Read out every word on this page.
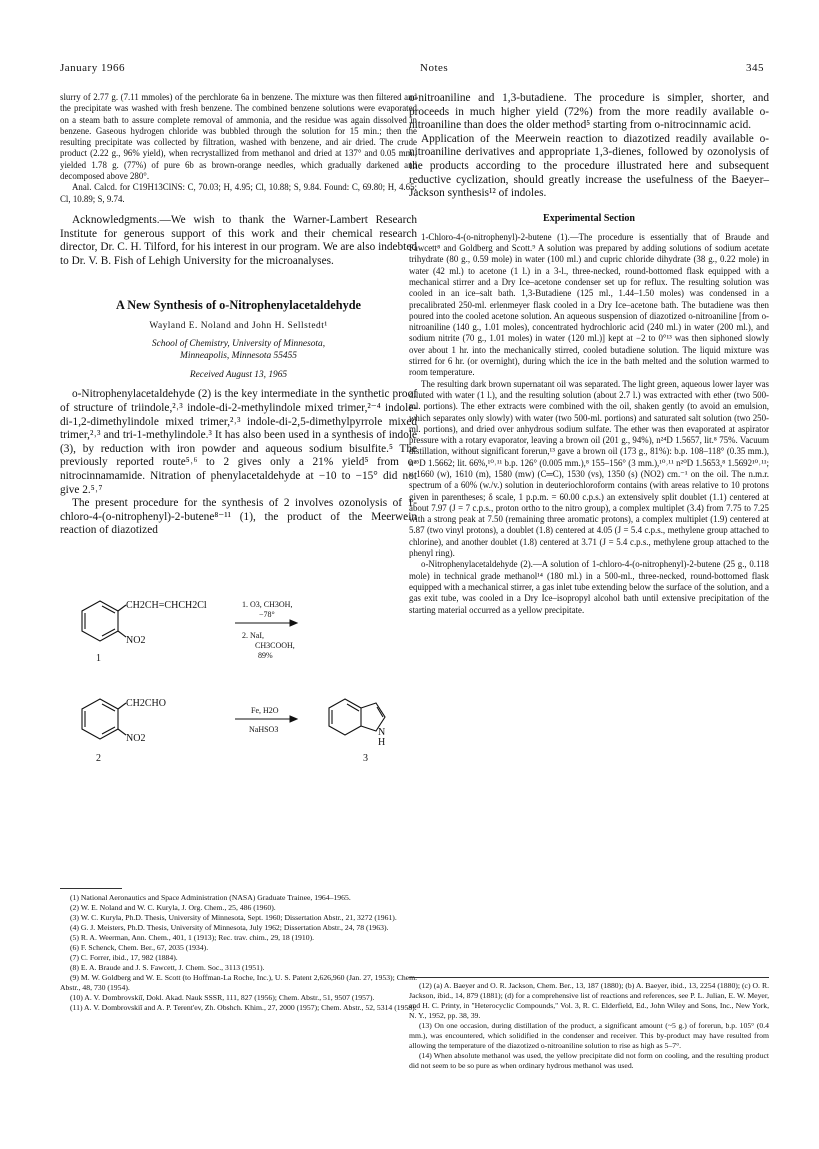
January 1966	Notes	345

slurry of 2.77 g. (7.11 mmoles) of the perchlorate 6a in benzene. The mixture was then filtered and the precipitate was washed with fresh benzene. The combined benzene solutions were evaporated on a steam bath to assure complete removal of ammonia, and the residue was again dissolved in benzene. Gaseous hydrogen chloride was bubbled through the solution for 15 min.; then the resulting precipitate was collected by filtration, washed with benzene, and air dried. The crude product (2.22 g., 96% yield), when recrystallized from methanol and dried at 137° and 0.05 mm., yielded 1.78 g. (77%) of pure 6b as brown-orange needles, which gradually darkened and decomposed above 280°.

Anal. Calcd. for C19H13ClNS: C, 70.03; H, 4.95; Cl, 10.88; S, 9.84. Found: C, 69.80; H, 4.65; Cl, 10.89; S, 9.74.

Acknowledgments.—We wish to thank the Warner-Lambert Research Institute for generous support of this work and their chemical research director, Dr. C. H. Tilford, for his interest in our program. We are also indebted to Dr. V. B. Fish of Lehigh University for the microanalyses.

A New Synthesis of o-Nitrophenylacetaldehyde
Wayland E. Noland and John H. Sellstedt¹
School of Chemistry, University of Minnesota,
Minneapolis, Minnesota 55455
Received August 13, 1965

o-Nitrophenylacetaldehyde (2) is the key intermediate in the synthetic proof of structure of triindole,²˒³ indole-di-2-methylindole mixed trimer,²⁻⁴ indole-di-1,2-dimethylindole mixed trimer,²˒³ indole-di-2,5-dimethylpyrrole mixed trimer,²˒³ and tri-1-methylindole.³ It has also been used in a synthesis of indole (3), by reduction with iron powder and aqueous sodium bisulfite.⁵ The previously reported route⁵˒⁶ to 2 gives only a 21% yield⁵ from o-nitrocinnamamide. Nitration of phenylacetaldehyde at −10 to −15° did not give 2.⁵˒⁷

The present procedure for the synthesis of 2 involves ozonolysis of 1-chloro-4-(o-nitrophenyl)-2-butene⁸⁻¹¹ (1), the product of the Meerwein reaction of diazotized

CH2CH=CHCH2Cl
NO2
1
CH2CHO
NO2
2
N
H
3
1. O3, CH3OH,
−78°
2. NaI,
CH3COOH,
89%
Fe, H2O
NaHSO3

(1) National Aeronautics and Space Administration (NASA) Graduate Trainee, 1964–1965.

(2) W. E. Noland and W. C. Kuryla, J. Org. Chem., 25, 486 (1960).

(3) W. C. Kuryla, Ph.D. Thesis, University of Minnesota, Sept. 1960; Dissertation Abstr., 21, 3272 (1961).

(4) G. J. Meisters, Ph.D. Thesis, University of Minnesota, July 1962; Dissertation Abstr., 24, 78 (1963).

(5) R. A. Weerman, Ann. Chem., 401, 1 (1913); Rec. trav. chim., 29, 18 (1910).

(6) F. Schenck, Chem. Ber., 67, 2035 (1934).

(7) C. Forrer, ibid., 17, 982 (1884).

(8) E. A. Braude and J. S. Fawcett, J. Chem. Soc., 3113 (1951).

(9) M. W. Goldberg and W. E. Scott (to Hoffman-La Roche, Inc.), U. S. Patent 2,626,960 (Jan. 27, 1953); Chem. Abstr., 48, 730 (1954).

(10) A. V. Dombrovskiĭ, Dokl. Akad. Nauk SSSR, 111, 827 (1956); Chem. Abstr., 51, 9507 (1957).

(11) A. V. Dombrovskiĭ and A. P. Terent'ev, Zh. Obshch. Khim., 27, 2000 (1957); Chem. Abstr., 52, 5314 (1958).

o-nitroaniline and 1,3-butadiene. The procedure is simpler, shorter, and proceeds in much higher yield (72%) from the more readily available o-nitroaniline than does the older method⁵ starting from o-nitrocinnamic acid.

Application of the Meerwein reaction to diazotized readily available o-nitroaniline derivatives and appropriate 1,3-dienes, followed by ozonolysis of the products according to the procedure illustrated here and subsequent reductive cyclization, should greatly increase the usefulness of the Baeyer–Jackson synthesis¹² of indoles.

Experimental Section

1-Chloro-4-(o-nitrophenyl)-2-butene (1).—The procedure is essentially that of Braude and Fawcett⁸ and Goldberg and Scott.⁹ A solution was prepared by adding solutions of sodium acetate trihydrate (80 g., 0.59 mole) in water (100 ml.) and cupric chloride dihydrate (38 g., 0.22 mole) in water (42 ml.) to acetone (1 l.) in a 3-l., three-necked, round-bottomed flask equipped with a mechanical stirrer and a Dry Ice–acetone condenser set up for reflux. The resulting solution was cooled in an ice–salt bath. 1,3-Butadiene (125 ml., 1.44–1.50 moles) was condensed in a precalibrated 250-ml. erlenmeyer flask cooled in a Dry Ice–acetone bath. The butadiene was then poured into the cooled acetone solution. An aqueous suspension of diazotized o-nitroaniline [from o-nitroaniline (140 g., 1.01 moles), concentrated hydrochloric acid (240 ml.) in water (200 ml.), and sodium nitrite (70 g., 1.01 moles) in water (120 ml.)] kept at −2 to 0°¹³ was then siphoned slowly over about 1 hr. into the mechanically stirred, cooled butadiene solution. The liquid mixture was stirred for 6 hr. (or overnight), during which the ice in the bath melted and the solution warmed to room temperature.

The resulting dark brown supernatant oil was separated. The light green, aqueous lower layer was diluted with water (1 l.), and the resulting solution (about 2.7 l.) was extracted with ether (two 500-ml. portions). The ether extracts were combined with the oil, shaken gently (to avoid an emulsion, which separates only slowly) with water (two 500-ml. portions) and saturated salt solution (two 250-ml. portions), and dried over anhydrous sodium sulfate. The ether was then evaporated at aspirator pressure with a rotary evaporator, leaving a brown oil (201 g., 94%), n²⁴D 1.5657, lit.⁸ 75%. Vacuum distillation, without significant forerun,¹³ gave a brown oil (173 g., 81%): b.p. 108–118° (0.35 mm.), n²⁵D 1.5662; lit. 66%,¹⁰˒¹¹ b.p. 126° (0.005 mm.),⁸ 155–156° (3 mm.),¹⁰˒¹¹ n²⁰D 1.5653,⁸ 1.5692¹⁰˒¹¹; ν 1660 (w), 1610 (m), 1580 (mw) (C═C), 1530 (vs), 1350 (s) (NO2) cm.⁻¹ on the oil. The n.m.r. spectrum of a 60% (w./v.) solution in deuteriochloroform contains (with areas relative to 10 protons given in parentheses; δ scale, 1 p.p.m. = 60.00 c.p.s.) an extensively split doublet (1.1) centered at about 7.97 (J = 7 c.p.s., proton ortho to the nitro group), a complex multiplet (3.4) from 7.75 to 7.25 with a strong peak at 7.50 (remaining three aromatic protons), a complex multiplet (1.9) centered at 5.87 (two vinyl protons), a doublet (1.8) centered at 4.05 (J = 5.4 c.p.s., methylene group attached to chlorine), and another doublet (1.8) centered at 3.71 (J = 5.4 c.p.s., methylene group attached to the phenyl ring).

o-Nitrophenylacetaldehyde (2).—A solution of 1-chloro-4-(o-nitrophenyl)-2-butene (25 g., 0.118 mole) in technical grade methanol¹⁴ (180 ml.) in a 500-ml., three-necked, round-bottomed flask equipped with a mechanical stirrer, a gas inlet tube extending below the surface of the solution, and a gas exit tube, was cooled in a Dry Ice–isopropyl alcohol bath until extensive precipitation of the starting material occurred as a yellow precipitate.

(12) (a) A. Baeyer and O. R. Jackson, Chem. Ber., 13, 187 (1880); (b) A. Baeyer, ibid., 13, 2254 (1880); (c) O. R. Jackson, ibid., 14, 879 (1881); (d) for a comprehensive list of reactions and references, see P. L. Julian, E. W. Meyer, and H. C. Printy, in "Heterocyclic Compounds," Vol. 3, R. C. Elderfield, Ed., John Wiley and Sons, Inc., New York, N. Y., 1952, pp. 38, 39.

(13) On one occasion, during distillation of the product, a significant amount (~5 g.) of forerun, b.p. 105° (0.4 mm.), was encountered, which solidified in the condenser and receiver. This by-product may have resulted from allowing the temperature of the diazotized o-nitroaniline solution to rise as high as 5–7°.

(14) When absolute methanol was used, the yellow precipitate did not form on cooling, and the resulting product did not seem to be so pure as when ordinary hydrous methanol was used.
